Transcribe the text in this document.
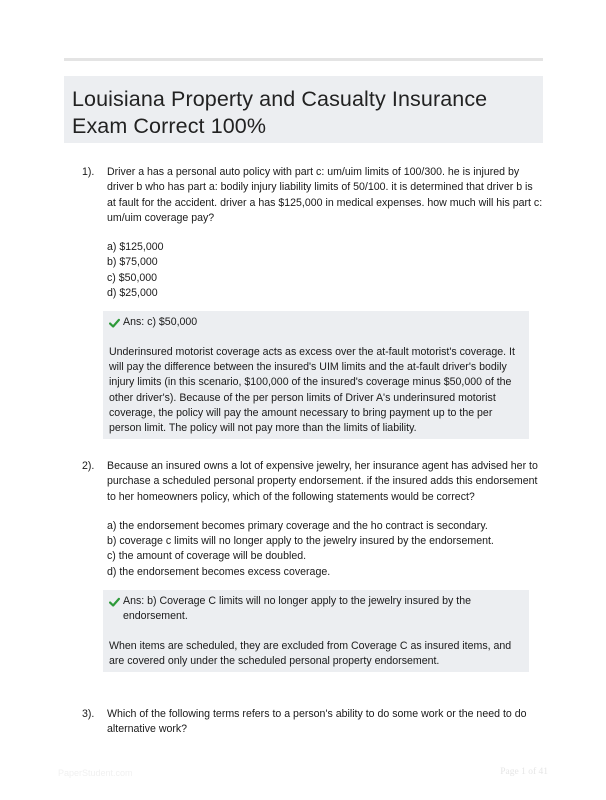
Louisiana Property and Casualty Insurance Exam Correct 100%
1). Driver a has a personal auto policy with part c: um/uim limits of 100/300. he is injured by driver b who has part a: bodily injury liability limits of 50/100. it is determined that driver b is at fault for the accident. driver a has $125,000 in medical expenses. how much will his part c: um/uim coverage pay?

a) $125,000
b) $75,000
c) $50,000
d) $25,000
Ans: c) $50,000
Underinsured motorist coverage acts as excess over the at-fault motorist's coverage. It will pay the difference between the insured's UIM limits and the at-fault driver's bodily injury limits (in this scenario, $100,000 of the insured's coverage minus $50,000 of the other driver's). Because of the per person limits of Driver A's underinsured motorist coverage, the policy will pay the amount necessary to bring payment up to the per person limit. The policy will not pay more than the limits of liability.
2). Because an insured owns a lot of expensive jewelry, her insurance agent has advised her to purchase a scheduled personal property endorsement. if the insured adds this endorsement to her homeowners policy, which of the following statements would be correct?

a) the endorsement becomes primary coverage and the ho contract is secondary.
b) coverage c limits will no longer apply to the jewelry insured by the endorsement.
c) the amount of coverage will be doubled.
d) the endorsement becomes excess coverage.
Ans: b) Coverage C limits will no longer apply to the jewelry insured by the endorsement.
When items are scheduled, they are excluded from Coverage C as insured items, and are covered only under the scheduled personal property endorsement.
3). Which of the following terms refers to a person's ability to do some work or the need to do alternative work?

PaperStudent.com	Page 1 of 41
